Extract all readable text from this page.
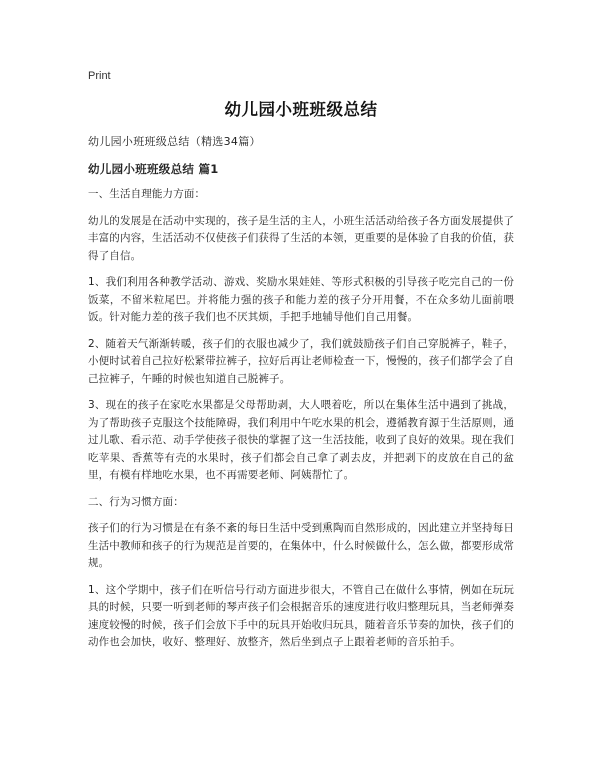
Print
幼儿园小班班级总结
幼儿园小班班级总结（精选34篇）
幼儿园小班班级总结 篇1
一、生活自理能力方面：
幼儿的发展是在活动中实现的，孩子是生活的主人，小班生活活动给孩子各方面发展提供了丰富的内容，生活活动不仅使孩子们获得了生活的本领，更重要的是体验了自我的价值，获得了自信。
1、我们利用各种教学活动、游戏、奖励水果娃娃、等形式积极的引导孩子吃完自己的一份饭菜，不留米粒尾巴。并将能力强的孩子和能力差的孩子分开用餐，不在众多幼儿面前喂饭。针对能力差的孩子我们也不厌其烦，手把手地辅导他们自己用餐。
2、随着天气渐渐转暖，孩子们的衣服也减少了，我们就鼓励孩子们自己穿脱裤子，鞋子，小便时试着自己拉好松紧带拉裤子，拉好后再让老师检查一下，慢慢的，孩子们都学会了自己拉裤子，午睡的时候也知道自己脱裤子。
3、现在的孩子在家吃水果都是父母帮助剥，大人喂着吃，所以在集体生活中遇到了挑战，为了帮助孩子克服这个技能障碍，我们利用中午吃水果的机会，遵循教育源于生活原则，通过儿歌、看示范、动手学使孩子很快的掌握了这一生活技能，收到了良好的效果。现在我们吃苹果、香蕉等有壳的水果时，孩子们都会自己拿了剥去皮，并把剥下的皮放在自己的盆里，有模有样地吃水果，也不再需要老师、阿姨帮忙了。
二、行为习惯方面：
孩子们的行为习惯是在有条不紊的每日生活中受到熏陶而自然形成的，因此建立并坚持每日生活中教师和孩子的行为规范是首要的，在集体中，什么时候做什么，怎么做，都要形成常规。
1、这个学期中，孩子们在听信号行动方面进步很大，不管自己在做什么事情，例如在玩玩具的时候，只要一听到老师的琴声孩子们会根据音乐的速度进行收归整理玩具，当老师弹奏速度较慢的时候，孩子们会放下手中的玩具开始收归玩具，随着音乐节奏的加快，孩子们的动作也会加快，收好、整理好、放整齐，然后坐到点子上跟着老师的音乐拍手。
